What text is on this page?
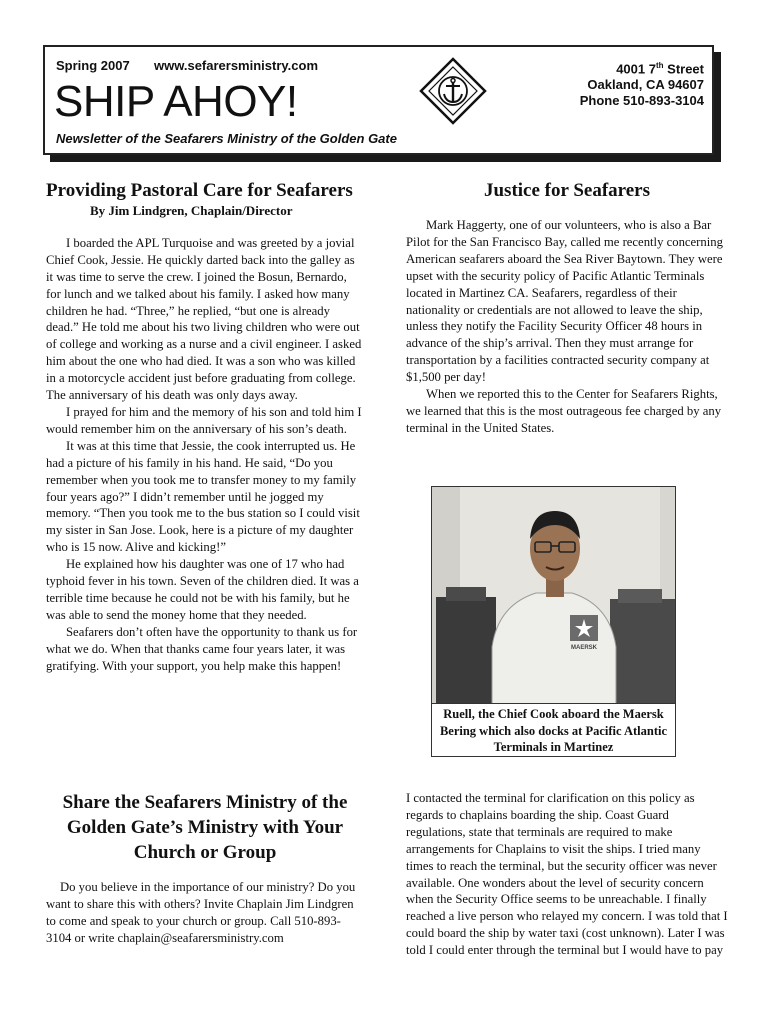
Spring 2007 www.sefarersministry.com
SHIP AHOY!
Newsletter of the Seafarers Ministry of the Golden Gate
4001 7th Street
Oakland, CA 94607
Phone 510-893-3104
Providing Pastoral Care for Seafarers
By Jim Lindgren, Chaplain/Director

I boarded the APL Turquoise and was greeted by a jovial Chief Cook, Jessie. He quickly darted back into the galley as it was time to serve the crew. I joined the Bosun, Bernardo, for lunch and we talked about his family. I asked how many children he had. “Three,” he replied, “but one is already dead.” He told me about his two living children who were out of college and working as a nurse and a civil engineer. I asked him about the one who had died. It was a son who was killed in a motorcycle accident just before graduating from college. The anniversary of his death was only days away.

I prayed for him and the memory of his son and told him I would remember him on the anniversary of his son’s death.

It was at this time that Jessie, the cook interrupted us. He had a picture of his family in his hand. He said, “Do you remember when you took me to transfer money to my family four years ago?” I didn’t remember until he jogged my memory. “Then you took me to the bus station so I could visit my sister in San Jose. Look, here is a picture of my daughter who is 15 now. Alive and kicking!”

He explained how his daughter was one of 17 who had typhoid fever in his town. Seven of the children died. It was a terrible time because he could not be with his family, but he was able to send the money home that they needed.

Seafarers don’t often have the opportunity to thank us for what we do. When that thanks came four years later, it was gratifying. With your support, you help make this happen!

Share the Seafarers Ministry of the Golden Gate’s Ministry with Your Church or Group

Do you believe in the importance of our ministry? Do you want to share this with others? Invite Chaplain Jim Lindgren to come and speak to your church or group. Call 510-893-3104 or write chaplain@seafarersministry.com

Justice for Seafarers

Mark Haggerty, one of our volunteers, who is also a Bar Pilot for the San Francisco Bay, called me recently concerning American seafarers aboard the Sea River Baytown. They were upset with the security policy of Pacific Atlantic Terminals located in Martinez CA. Seafarers, regardless of their nationality or credentials are not allowed to leave the ship, unless they notify the Facility Security Officer 48 hours in advance of the ship’s arrival. Then they must arrange for transportation by a facilities contracted security company at $1,500 per day!

When we reported this to the Center for Seafarers Rights, we learned that this is the most outrageous fee charged by any terminal in the United States.

MAERSK
Ruell, the Chief Cook aboard the Maersk Bering which also docks at Pacific Atlantic Terminals in Martinez

I contacted the terminal for clarification on this policy as regards to chaplains boarding the ship. Coast Guard regulations, state that terminals are required to make arrangements for Chaplains to visit the ships. I tried many times to reach the terminal, but the security officer was never available. One wonders about the level of security concern when the Security Office seems to be unreachable. I finally reached a live person who relayed my concern. I was told that I could board the ship by water taxi (cost unknown). Later I was told I could enter through the terminal but I would have to pay
